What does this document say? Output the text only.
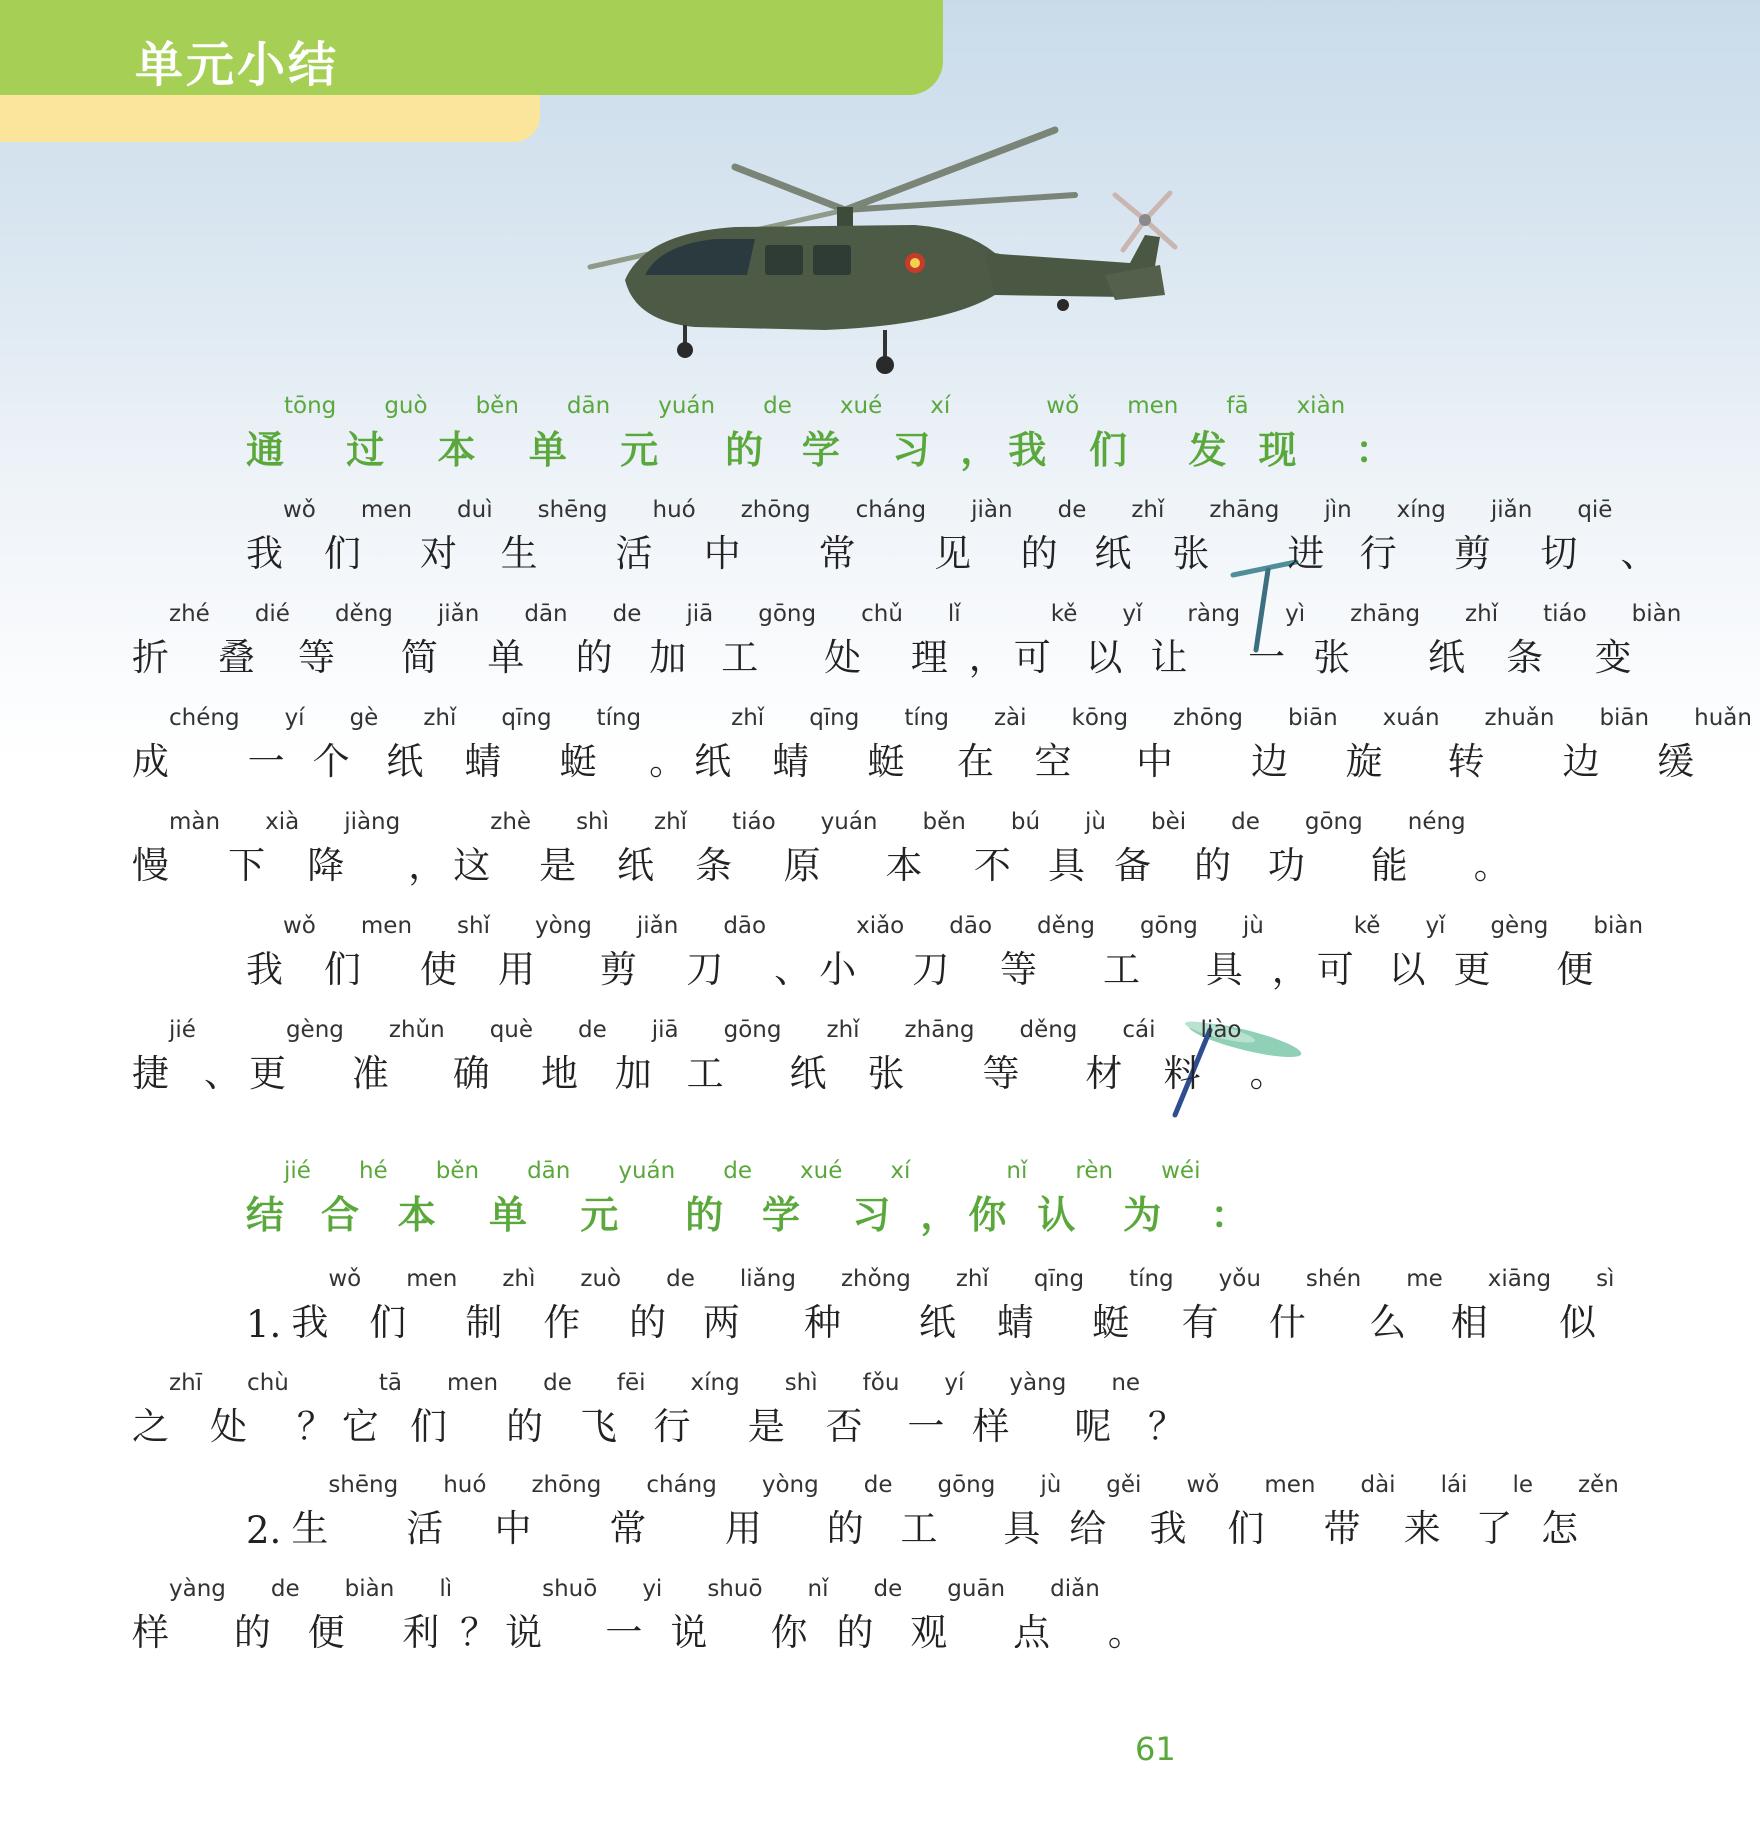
单元小结
通tōng
过guò
本běn
单dān
元yuán
的de
学xué
习xí
， 我wǒ
们men
发fā
现xiàn
：
我wǒ
们men
对duì
生shēng
活huó
中zhōng
常cháng
见jiàn
的de
纸zhǐ
张zhāng
进jìn
行xíng
剪jiǎn
切qiē
、
折zhé
叠dié
等děng
简jiǎn
单dān
的de
加jiā
工gōng
处chǔ
理lǐ
， 可kě
以yǐ
让ràng
一yì
张zhāng
纸zhǐ
条tiáo
变biàn
成chéng
一yí
个gè
纸zhǐ
蜻qīng
蜓tíng
。 纸zhǐ
蜻qīng
蜓tíng
在zài
空kōng
中zhōng
边biān
旋xuán
转zhuǎn
边biān
缓huǎn
慢màn
下xià
降jiàng
， 这zhè
是shì
纸zhǐ
条tiáo
原yuán
本běn
不bú
具jù
备bèi
的de
功gōng
能néng
。
我wǒ
们men
使shǐ
用yòng
剪jiǎn
刀dāo
、 小xiǎo
刀dāo
等děng
工gōng
具jù
， 可kě
以yǐ
更gèng
便biàn
捷jié
、 更gèng
准zhǔn
确què
地de
加jiā
工gōng
纸zhǐ
张zhāng
等děng
材cái
料liào
。
结jié
合hé
本běn
单dān
元yuán
的de
学xué
习xí
， 你nǐ
认rèn
为wéi
：
1. 我wǒ
们men
制zhì
作zuò
的de
两liǎng
种zhǒng
纸zhǐ
蜻qīng
蜓tíng
有yǒu
什shén
么me
相xiāng
似sì
之zhī
处chù
？ 它tā
们men
的de
飞fēi
行xíng
是shì
否fǒu
一yí
样yàng
呢ne
？
2. 生shēng
活huó
中zhōng
常cháng
用yòng
的de
工gōng
具jù
给gěi
我wǒ
们men
带dài
来lái
了le
怎zěn
样yàng
的de
便biàn
利lì
？ 说shuō
一yi
说shuō
你nǐ
的de
观guān
点diǎn
。
61
